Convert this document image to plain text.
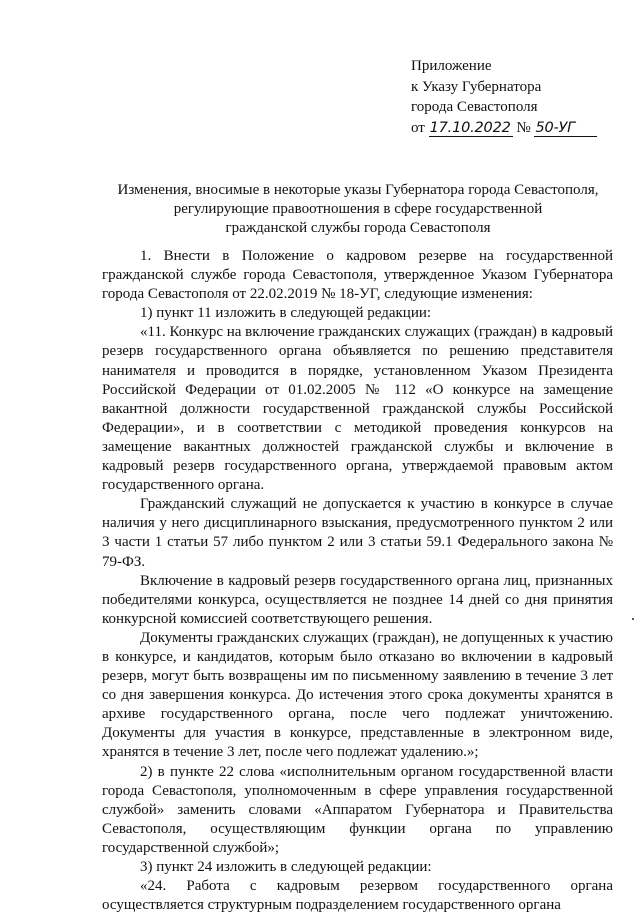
Приложение
к Указу Губернатора
города Севастополя
от 17.10.2022 № 50-УГ
Изменения, вносимые в некоторые указы Губернатора города Севастополя,
регулирующие правоотношения в сфере государственной
гражданской службы города Севастополя

1. Внести в Положение о кадровом резерве на государственной гражданской службе города Севастополя, утвержденное Указом Губернатора города Севастополя от 22.02.2019 № 18-УГ, следующие изменения:

1) пункт 11 изложить в следующей редакции:

«11. Конкурс на включение гражданских служащих (граждан) в кадровый резерв государственного органа объявляется по решению представителя нанимателя и проводится в порядке, установленном Указом Президента Российской Федерации от 01.02.2005 № 112 «О конкурсе на замещение вакантной должности государственной гражданской службы Российской Федерации», и в соответствии с методикой проведения конкурсов на замещение вакантных должностей гражданской службы и включение в кадровый резерв государственного органа, утверждаемой правовым актом государственного органа.

Гражданский служащий не допускается к участию в конкурсе в случае наличия у него дисциплинарного взыскания, предусмотренного пунктом 2 или 3 части 1 статьи 57 либо пунктом 2 или 3 статьи 59.1 Федерального закона № 79-ФЗ.

Включение в кадровый резерв государственного органа лиц, признанных победителями конкурса, осуществляется не позднее 14 дней со дня принятия конкурсной комиссией соответствующего решения.

Документы гражданских служащих (граждан), не допущенных к участию в конкурсе, и кандидатов, которым было отказано во включении в кадровый резерв, могут быть возвращены им по письменному заявлению в течение 3 лет со дня завершения конкурса. До истечения этого срока документы хранятся в архиве государственного органа, после чего подлежат уничтожению. Документы для участия в конкурсе, представленные в электронном виде, хранятся в течение 3 лет, после чего подлежат удалению.»;

2) в пункте 22 слова «исполнительным органом государственной власти города Севастополя, уполномоченным в сфере управления государственной службой» заменить словами «Аппаратом Губернатора и Правительства Севастополя, осуществляющим функции органа по управлению государственной службой»;

3) пункт 24 изложить в следующей редакции:

«24. Работа с кадровым резервом государственного органа осуществляется структурным подразделением государственного органа
